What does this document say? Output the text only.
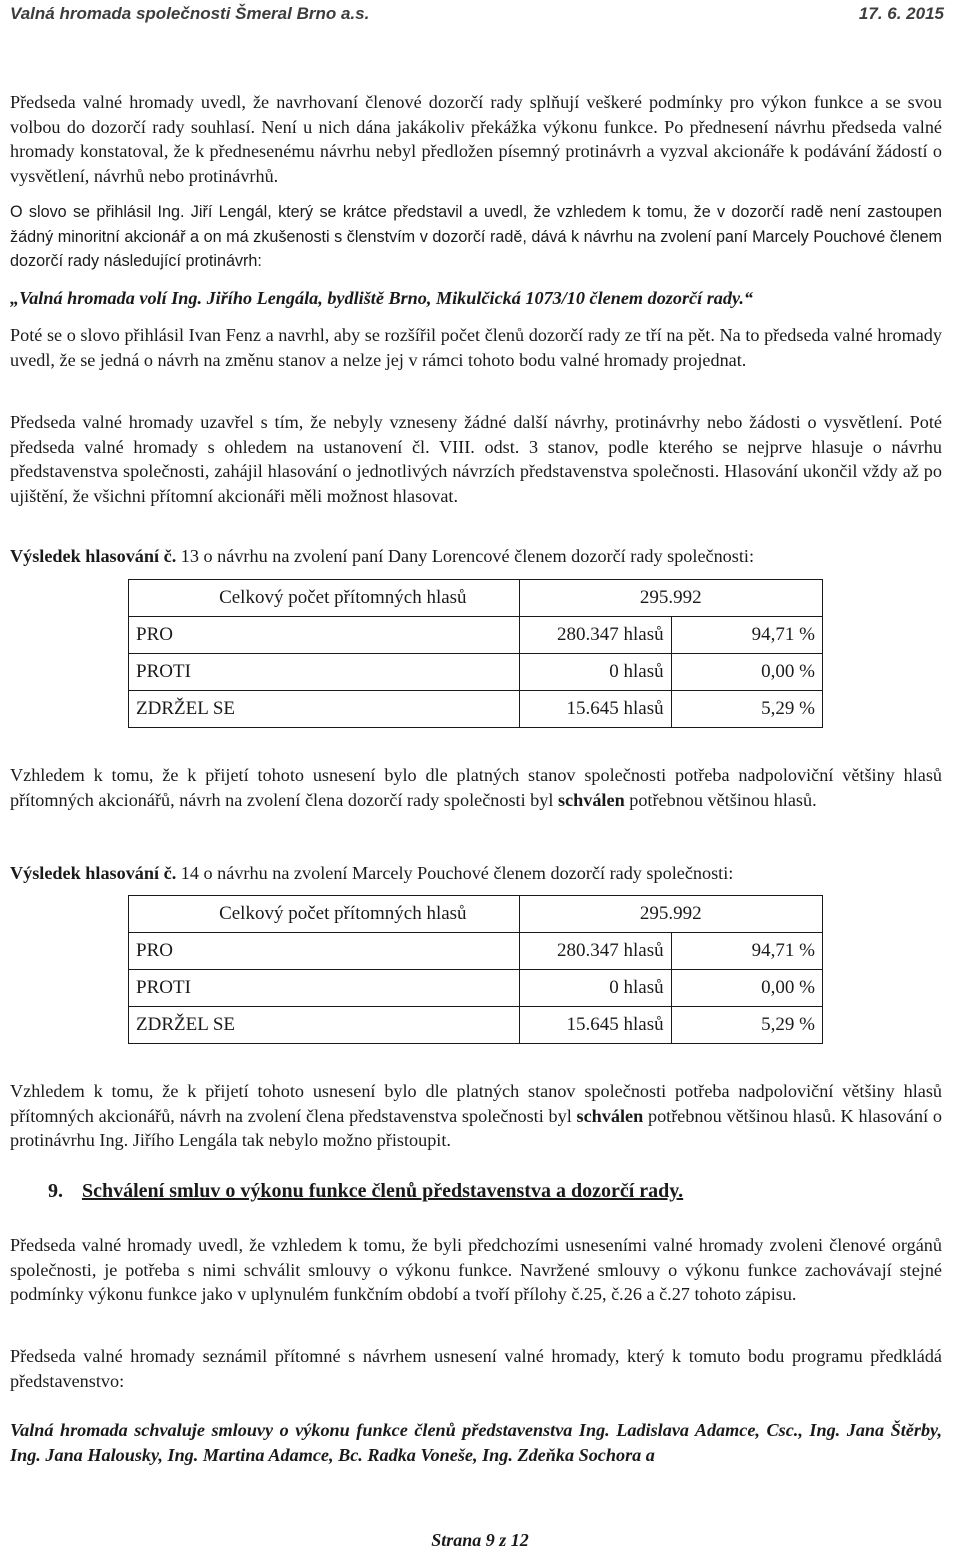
Valná hromada společnosti Šmeral Brno a.s.	17. 6. 2015

Předseda valné hromady uvedl, že navrhovaní členové dozorčí rady splňují veškeré podmínky pro výkon funkce a se svou volbou do dozorčí rady souhlasí. Není u nich dána jakákoliv překážka výkonu funkce. Po přednesení návrhu předseda valné hromady konstatoval, že k přednesenému návrhu nebyl předložen písemný protinávrh a vyzval akcionáře k podávání žádostí o vysvětlení, návrhů nebo protinávrhů.

O slovo se přihlásil Ing. Jiří Lengál, který se krátce představil a uvedl, že vzhledem k tomu, že v dozorčí radě není zastoupen žádný minoritní akcionář a on má zkušenosti s členstvím v dozorčí radě, dává k návrhu na zvolení paní Marcely Pouchové členem dozorčí rady následující protinávrh:

„Valná hromada volí Ing. Jiřího Lengála, bydliště Brno, Mikulčická 1073/10 členem dozorčí rady.“

Poté se o slovo přihlásil Ivan Fenz a navrhl, aby se rozšířil počet členů dozorčí rady ze tří na pět. Na to předseda valné hromady uvedl, že se jedná o návrh na změnu stanov a nelze jej v rámci tohoto bodu valné hromady projednat.

Předseda valné hromady uzavřel s tím, že nebyly vzneseny žádné další návrhy, protinávrhy nebo žádosti o vysvětlení. Poté předseda valné hromady s ohledem na ustanovení čl. VIII. odst. 3 stanov, podle kterého se nejprve hlasuje o návrhu představenstva společnosti, zahájil hlasování o jednotlivých návrzích představenstva společnosti. Hlasování ukončil vždy až po ujištění, že všichni přítomní akcionáři měli možnost hlasovat.

Výsledek hlasování č. 13 o návrhu na zvolení paní Dany Lorencové členem dozorčí rady společnosti:

Celkový počet přítomných hlasů	295.992	
PRO	280.347 hlasů	94,71 %
PROTI	0 hlasů	0,00 %
ZDRŽEL SE	15.645 hlasů	5,29 %

Vzhledem k tomu, že k přijetí tohoto usnesení bylo dle platných stanov společnosti potřeba nadpoloviční většiny hlasů přítomných akcionářů, návrh na zvolení člena dozorčí rady společnosti byl schválen potřebnou většinou hlasů.

Výsledek hlasování č. 14 o návrhu na zvolení Marcely Pouchové členem dozorčí rady společnosti:

Celkový počet přítomných hlasů	295.992	
PRO	280.347 hlasů	94,71 %
PROTI	0 hlasů	0,00 %
ZDRŽEL SE	15.645 hlasů	5,29 %

Vzhledem k tomu, že k přijetí tohoto usnesení bylo dle platných stanov společnosti potřeba nadpoloviční většiny hlasů přítomných akcionářů, návrh na zvolení člena představenstva společnosti byl schválen potřebnou většinou hlasů. K hlasování o protinávrhu Ing. Jiřího Lengála tak nebylo možno přistoupit.

9. Schválení smluv o výkonu funkce členů představenstva a dozorčí rady.

Předseda valné hromady uvedl, že vzhledem k tomu, že byli předchozími usneseními valné hromady zvoleni členové orgánů společnosti, je potřeba s nimi schválit smlouvy o výkonu funkce. Navržené smlouvy o výkonu funkce zachovávají stejné podmínky výkonu funkce jako v uplynulém funkčním období a tvoří přílohy č.25, č.26 a č.27 tohoto zápisu.

Předseda valné hromady seznámil přítomné s návrhem usnesení valné hromady, který k tomuto bodu programu předkládá představenstvo:

Valná hromada schvaluje smlouvy o výkonu funkce členů představenstva Ing. Ladislava Adamce, Csc., Ing. Jana Štěrby, Ing. Jana Halousky, Ing. Martina Adamce, Bc. Radka Voneše, Ing. Zdeňka Sochora a

Strana 9 z 12
